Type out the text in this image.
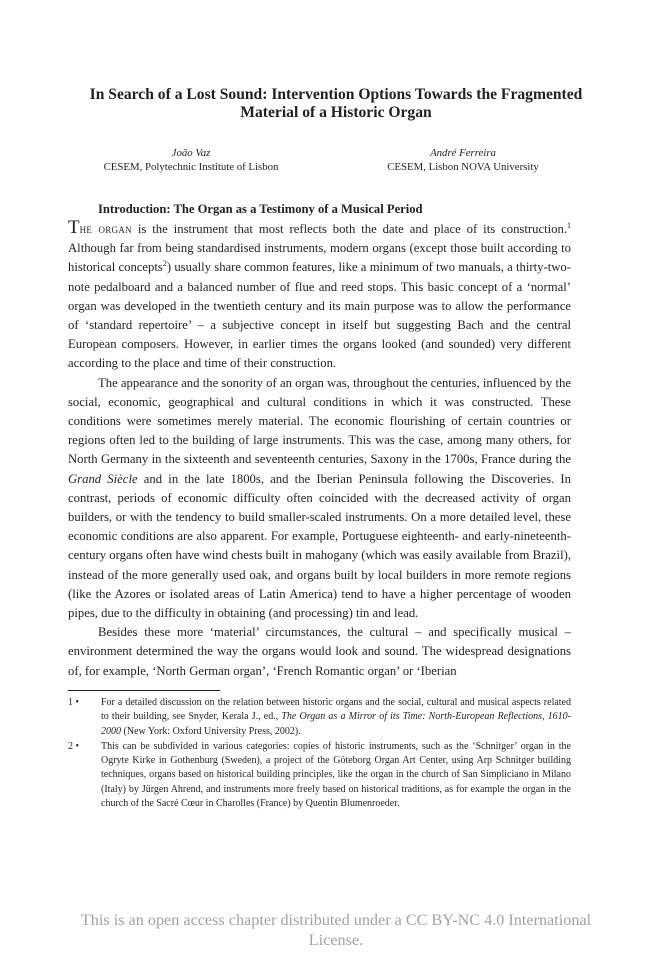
In Search of a Lost Sound: Intervention Options Towards the Fragmented
Material of a Historic Organ
João Vaz
CESEM, Polytechnic Institute of Lisbon
André Ferreira
CESEM, Lisbon NOVA University
Introduction: The Organ as a Testimony of a Musical Period

The organ is the instrument that most reflects both the date and place of its construction.$^1$ Although far from being standardised instruments, modern organs (except those built according to historical concepts$^2$) usually share common features, like a minimum of two manuals, a thirty-two-note pedalboard and a balanced number of flue and reed stops. This basic concept of a ‘normal’ organ was developed in the twentieth century and its main purpose was to allow the performance of ‘standard repertoire’ – a subjective concept in itself but suggesting Bach and the central European composers. However, in earlier times the organs looked (and sounded) very different according to the place and time of their construction.

The appearance and the sonority of an organ was, throughout the centuries, influenced by the social, economic, geographical and cultural conditions in which it was constructed. These conditions were sometimes merely material. The economic flourishing of certain countries or regions often led to the building of large instruments. This was the case, among many others, for North Germany in the sixteenth and seventeenth centuries, Saxony in the 1700s, France during the Grand Siècle and in the late 1800s, and the Iberian Peninsula following the Discoveries. In contrast, periods of economic difficulty often coincided with the decreased activity of organ builders, or with the tendency to build smaller-scaled instruments. On a more detailed level, these economic conditions are also apparent. For example, Portuguese eighteenth- and early-nineteenth-century organs often have wind chests built in mahogany (which was easily available from Brazil), instead of the more generally used oak, and organs built by local builders in more remote regions (like the Azores or isolated areas of Latin America) tend to have a higher percentage of wooden pipes, due to the difficulty in obtaining (and processing) tin and lead.

Besides these more ‘material’ circumstances, the cultural – and specifically musical – environment determined the way the organs would look and sound. The widespread designations of, for example, ‘North German organ’, ‘French Romantic organ’ or ‘Iberian

1 • For a detailed discussion on the relation between historic organs and the social, cultural and musical aspects related to their building, see Snyder, Kerala J., ed., The Organ as a Mirror of its Time: North-European Reflections, 1610-2000 (New York: Oxford University Press, 2002).
2 • This can be subdivided in various categories: copies of historic instruments, such as the ‘Schnitger’ organ in the Ogryte Kirke in Gothenburg (Sweden), a project of the Göteborg Organ Art Center, using Arp Schnitger building techniques, organs based on historical building principles, like the organ in the church of San Simpliciano in Milano (Italy) by Jürgen Ahrend, and instruments more freely based on historical traditions, as for example the organ in the church of the Sacré Cœur in Charolles (France) by Quentin Blumenroeder.
This is an open access chapter distributed under a CC BY-NC 4.0 International
License.
